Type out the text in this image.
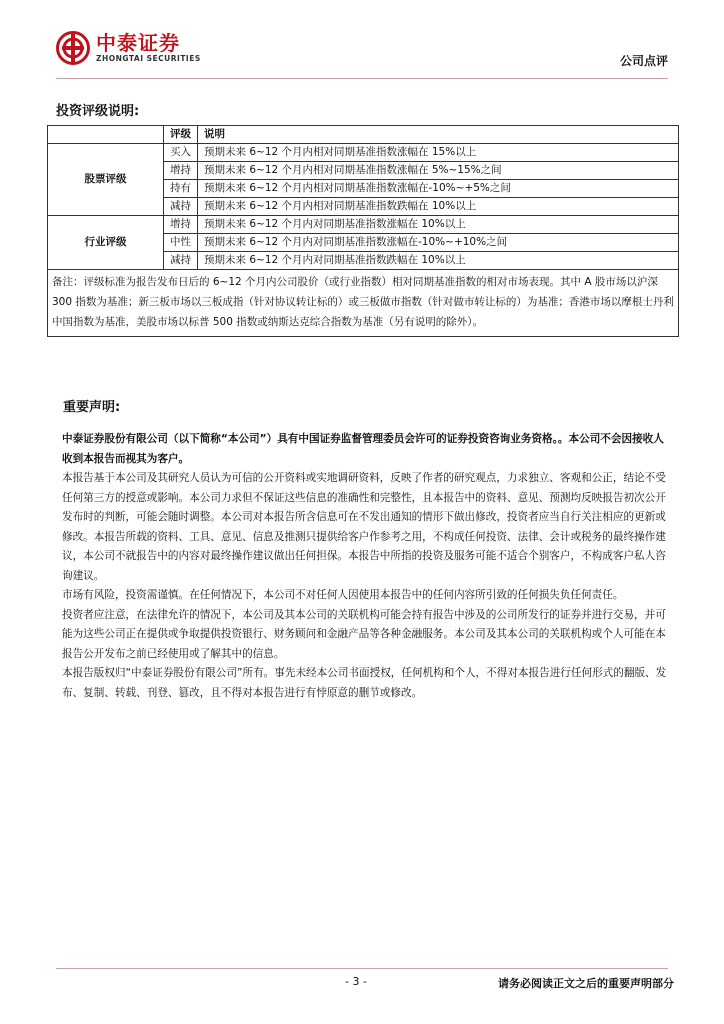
中泰证券
ZHONGTAI SECURITIES	公司点评
投资评级说明:
	评级	说明
股票评级	买入	预期未来 6~12 个月内相对同期基准指数涨幅在 15%以上
	增持	预期未来 6~12 个月内相对同期基准指数涨幅在 5%~15%之间
	持有	预期未来 6~12 个月内相对同期基准指数涨幅在-10%~+5%之间
	减持	预期未来 6~12 个月内相对同期基准指数跌幅在 10%以上
行业评级	增持	预期未来 6~12 个月内对同期基准指数涨幅在 10%以上
	中性	预期未来 6~12 个月内对同期基准指数涨幅在-10%~+10%之间
	减持	预期未来 6~12 个月内对同期基准指数跌幅在 10%以上
备注：评级标准为报告发布日后的 6~12 个月内公司股价（或行业指数）相对同期基准指数的相对市场表现。其中 A 股市场以沪深 300 指数为基准；新三板市场以三板成指（针对协议转让标的）或三板做市指数（针对做市转让标的）为基准；香港市场以摩根士丹利中国指数为基准，美股市场以标普 500 指数或纳斯达克综合指数为基准（另有说明的除外）。		
重要声明:

中泰证券股份有限公司（以下简称“本公司”）具有中国证券监督管理委员会许可的证券投资咨询业务资格。。本公司不会因接收人收到本报告而视其为客户。

本报告基于本公司及其研究人员认为可信的公开资料或实地调研资料，反映了作者的研究观点，力求独立、客观和公正，结论不受任何第三方的授意或影响。本公司力求但不保证这些信息的准确性和完整性，且本报告中的资料、意见、预测均反映报告初次公开发布时的判断，可能会随时调整。本公司对本报告所含信息可在不发出通知的情形下做出修改，投资者应当自行关注相应的更新或修改。本报告所载的资料、工具、意见、信息及推测只提供给客户作参考之用，不构成任何投资、法律、会计或税务的最终操作建议，本公司不就报告中的内容对最终操作建议做出任何担保。本报告中所指的投资及服务可能不适合个别客户，不构成客户私人咨询建议。

市场有风险，投资需谨慎。在任何情况下，本公司不对任何人因使用本报告中的任何内容所引致的任何损失负任何责任。

投资者应注意，在法律允许的情况下，本公司及其本公司的关联机构可能会持有报告中涉及的公司所发行的证券并进行交易，并可能为这些公司正在提供或争取提供投资银行、财务顾问和金融产品等各种金融服务。本公司及其本公司的关联机构或个人可能在本报告公开发布之前已经使用或了解其中的信息。

本报告版权归“中泰证券股份有限公司”所有。事先未经本公司书面授权，任何机构和个人，不得对本报告进行任何形式的翻版、发布、复制、转载、刊登、篡改，且不得对本报告进行有悖原意的删节或修改。

- 3 -	请务必阅读正文之后的重要声明部分
